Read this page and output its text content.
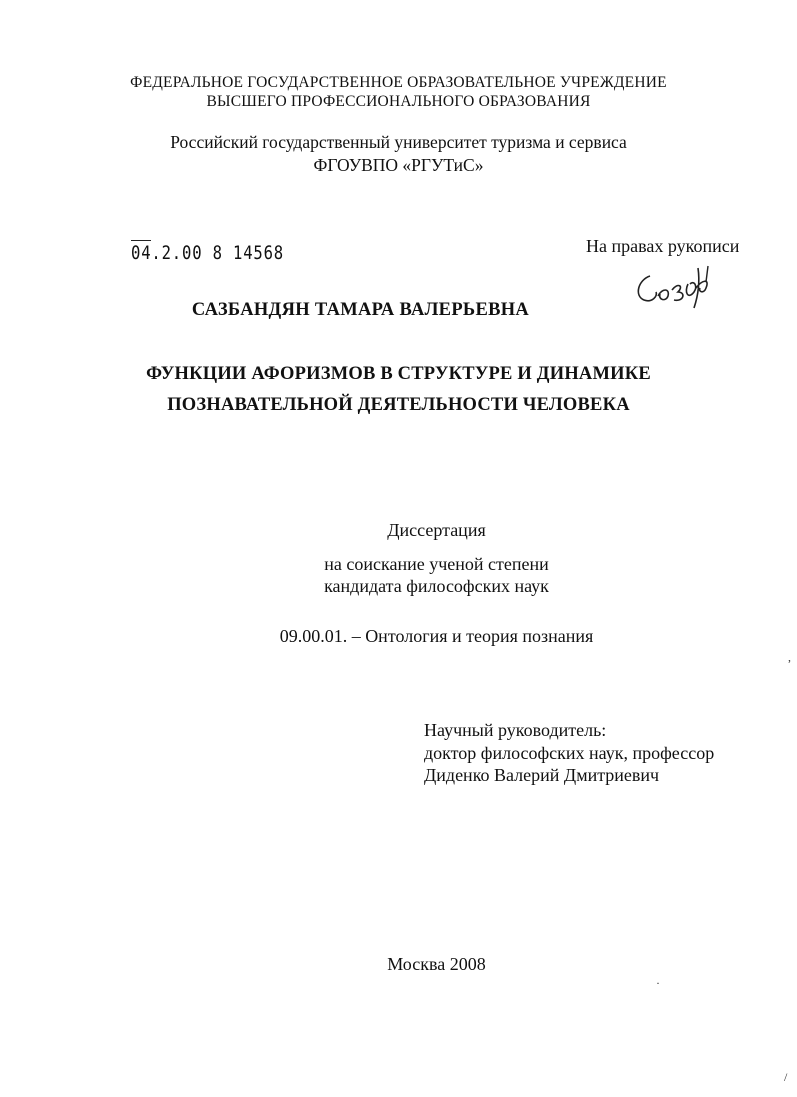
ФЕДЕРАЛЬНОЕ ГОСУДАРСТВЕННОЕ ОБРАЗОВАТЕЛЬНОЕ УЧРЕЖДЕНИЕ
ВЫСШЕГО ПРОФЕССИОНАЛЬНОГО ОБРАЗОВАНИЯ
Российский государственный университет туризма и сервиса
ФГОУВПО «РГУТиС»
04.2.00 8 14568	На правах рукописи
САЗБАНДЯН ТАМАРА ВАЛЕРЬЕВНА
ФУНКЦИИ АФОРИЗМОВ В СТРУКТУРЕ И ДИНАМИКЕ
ПОЗНАВАТЕЛЬНОЙ ДЕЯТЕЛЬНОСТИ ЧЕЛОВЕКА
Диссертация
на соискание ученой степени
кандидата философских наук
09.00.01. – Онтология и теория познания
Научный руководитель:
доктор философских наук, профессор
Диденко Валерий Дмитриевич
Москва 2008
,
/
·
